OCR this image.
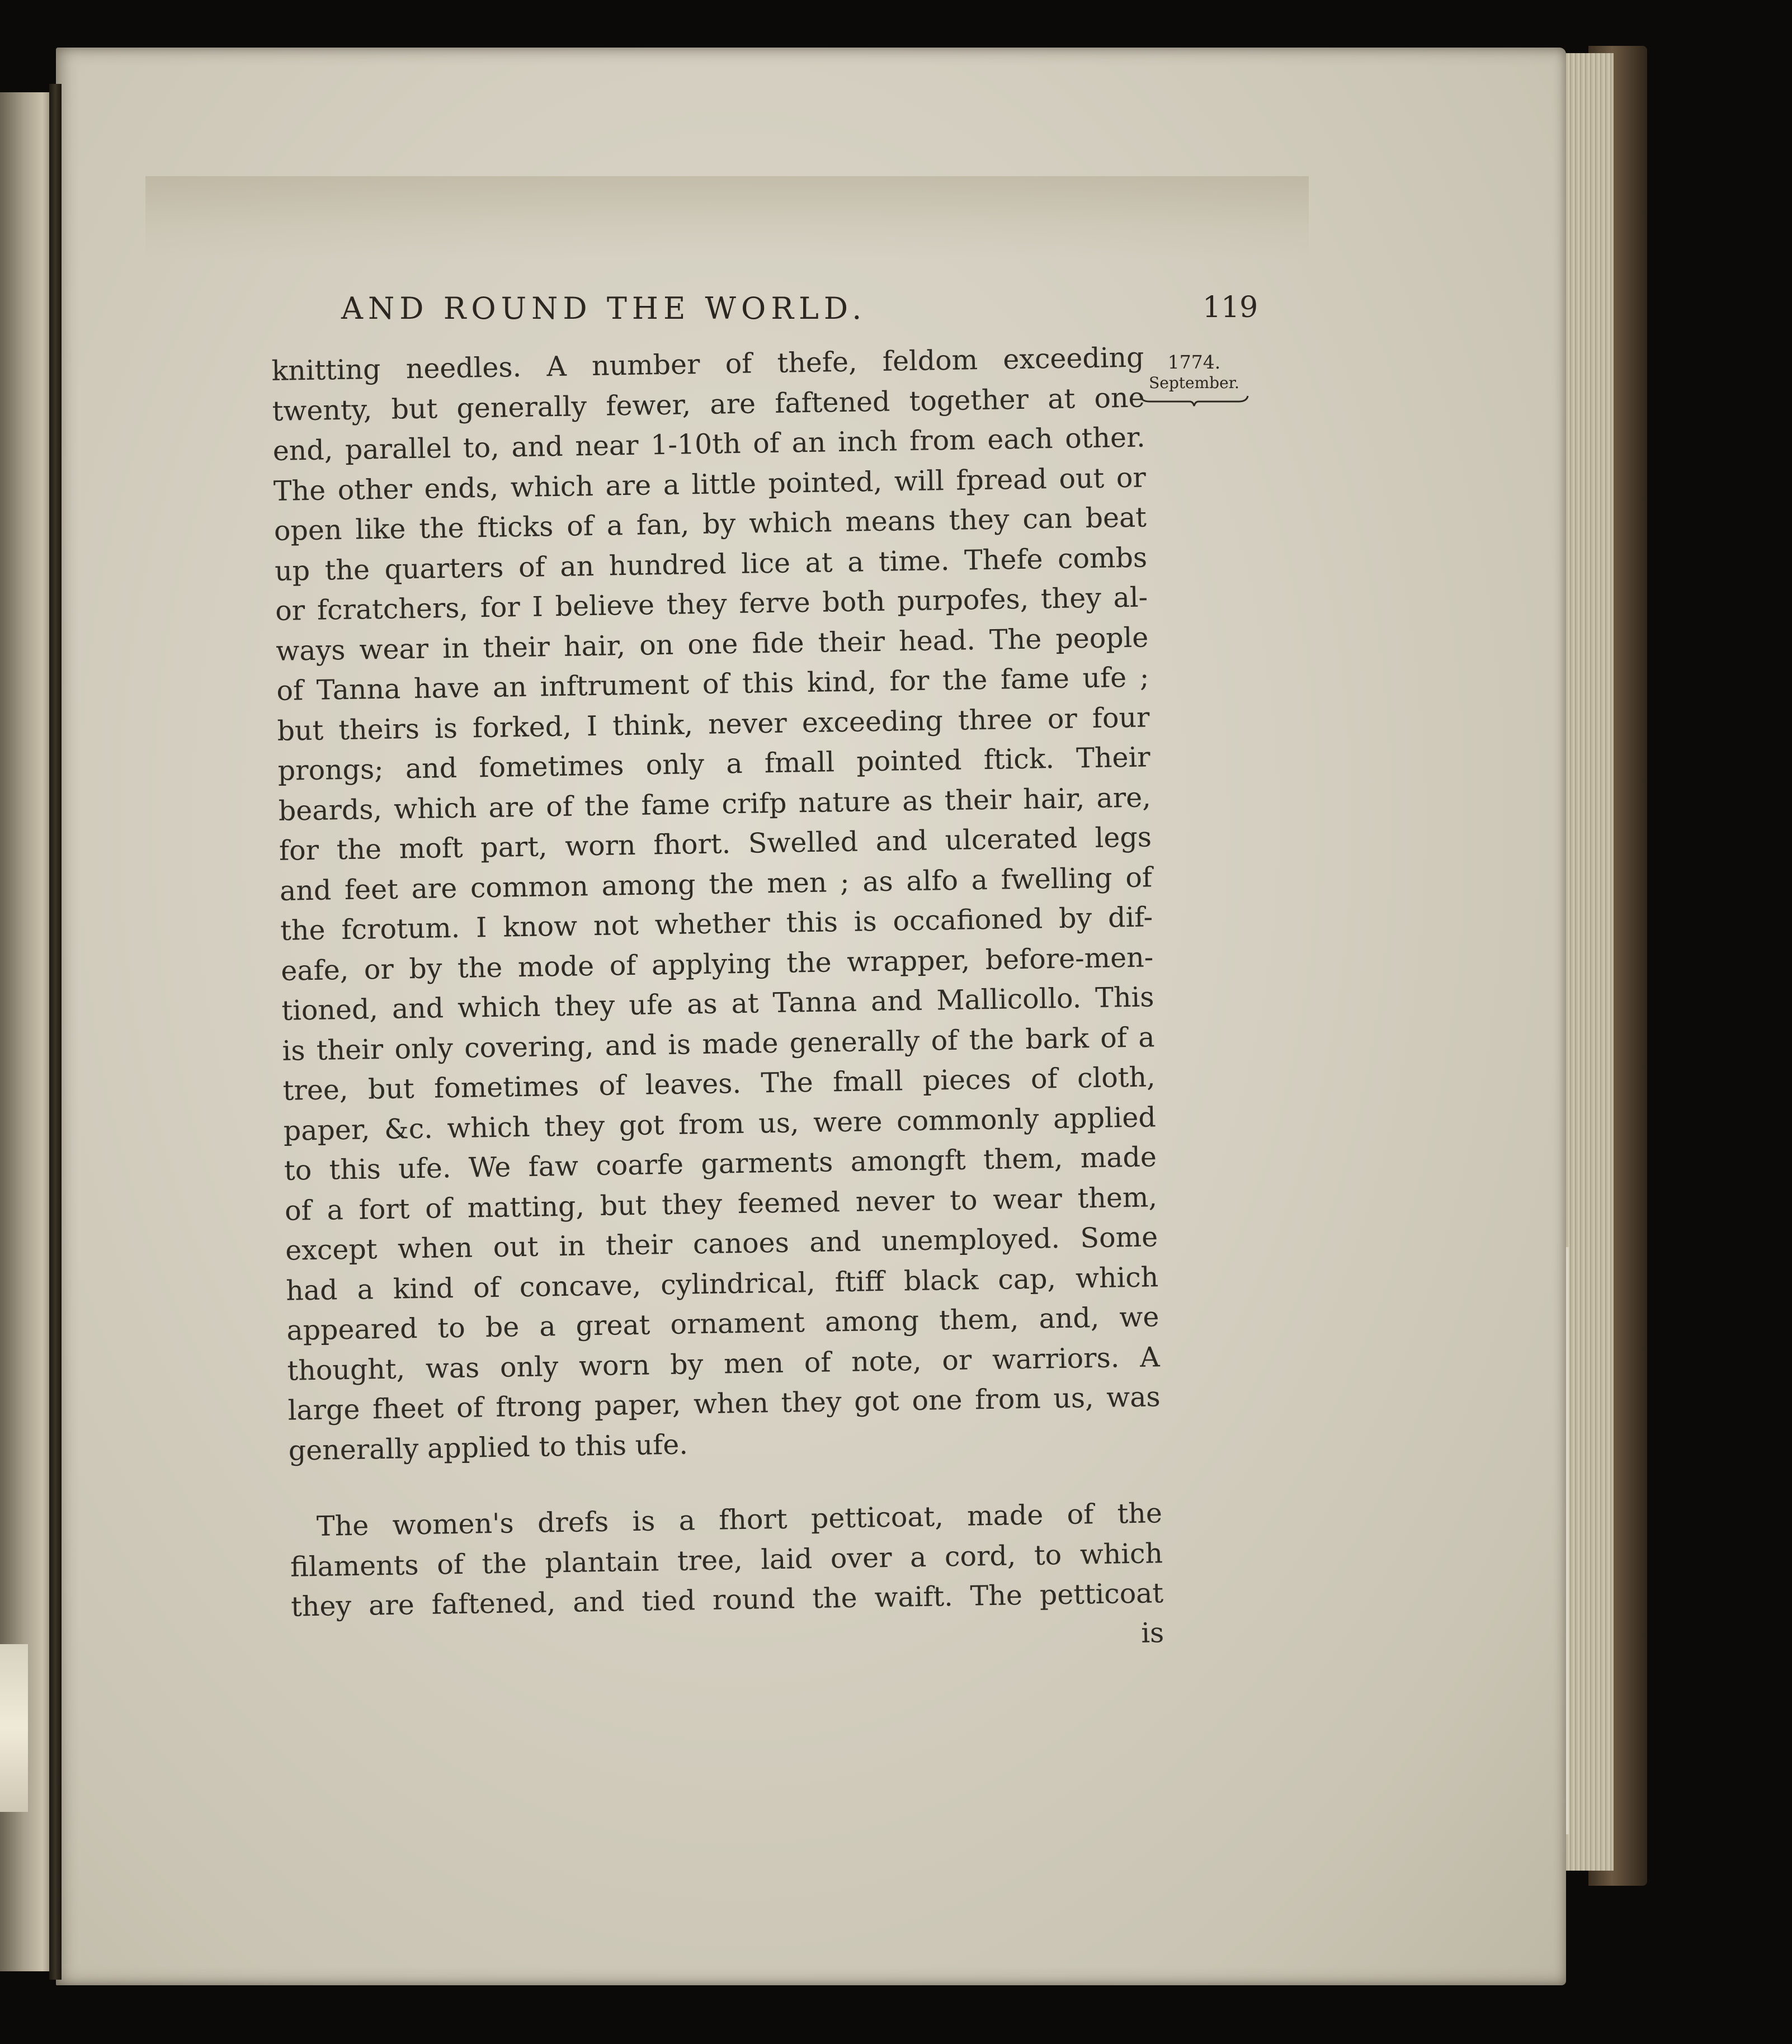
AND ROUND THE WORLD.	119
1774.
September.
knitting needles. A number of thefe, feldom exceeding
twenty, but generally fewer, are faftened together at one
end, parallel to, and near 1-10th of an inch from each other.
The other ends, which are a little pointed, will fpread out or
open like the fticks of a fan, by which means they can beat
up the quarters of an hundred lice at a time. Thefe combs
or fcratchers, for I believe they ferve both purpofes, they al-
ways wear in their hair, on one fide their head. The people
of Tanna have an inftrument of this kind, for the fame ufe ;
but theirs is forked, I think, never exceeding three or four
prongs; and fometimes only a fmall pointed ftick. Their
beards, which are of the fame crifp nature as their hair, are,
for the moft part, worn fhort. Swelled and ulcerated legs
and feet are common among the men ; as alfo a fwelling of
the fcrotum. I know not whether this is occafioned by dif-
eafe, or by the mode of applying the wrapper, before-men-
tioned, and which they ufe as at Tanna and Mallicollo. This
is their only covering, and is made generally of the bark of a
tree, but fometimes of leaves. The fmall pieces of cloth,
paper, &c. which they got from us, were commonly applied
to this ufe. We faw coarfe garments amongft them, made
of a fort of matting, but they feemed never to wear them,
except when out in their canoes and unemployed. Some
had a kind of concave, cylindrical, ftiff black cap, which
appeared to be a great ornament among them, and, we
thought, was only worn by men of note, or warriors. A
large fheet of ftrong paper, when they got one from us, was
generally applied to this ufe.
The women's drefs is a fhort petticoat, made of the
filaments of the plantain tree, laid over a cord, to which
they are faftened, and tied round the waift. The petticoat
is
